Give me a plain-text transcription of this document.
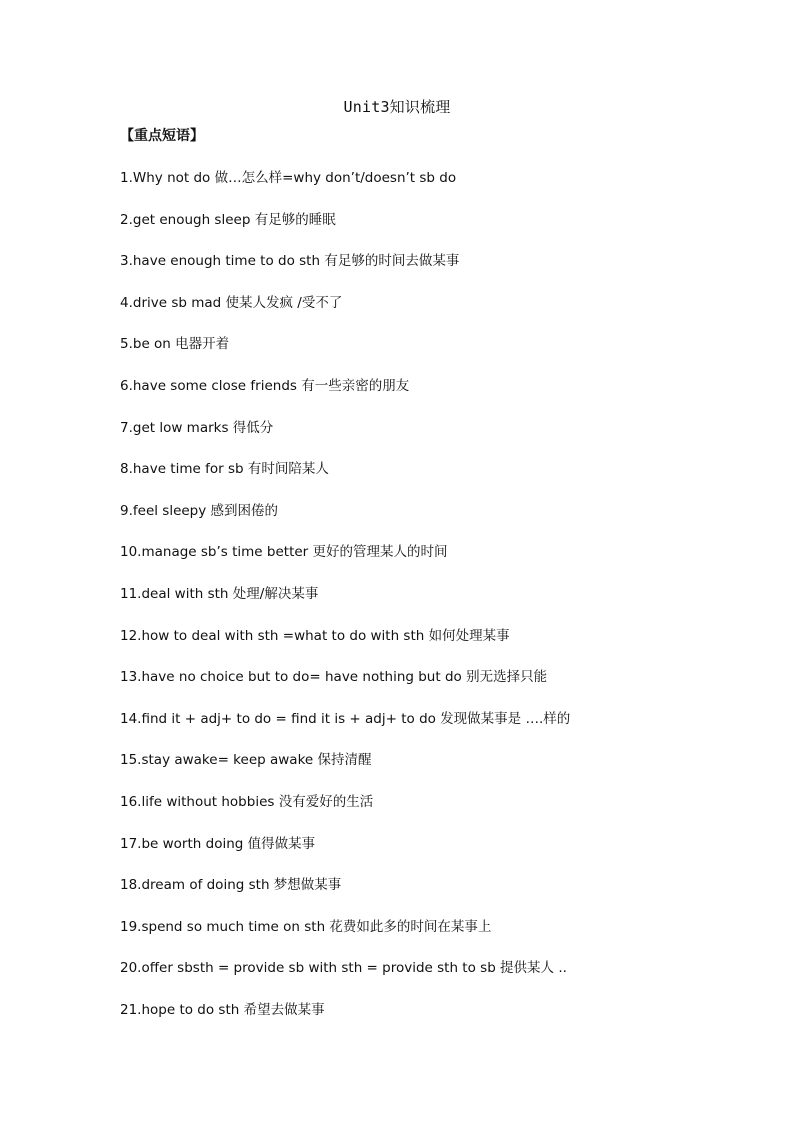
Unit3知识梳理
【重点短语】
1.Why not do 做…怎么样=why don’t/doesn’t sb do
2.get enough sleep 有足够的睡眠
3.have enough time to do sth 有足够的时间去做某事
4.drive sb mad 使某人发疯 /受不了
5.be on 电器开着
6.have some close friends 有一些亲密的朋友
7.get low marks 得低分
8.have time for sb 有时间陪某人
9.feel sleepy 感到困倦的
10.manage sb’s time better 更好的管理某人的时间
11.deal with sth 处理/解决某事
12.how to deal with sth =what to do with sth 如何处理某事
13.have no choice but to do= have nothing but do 别无选择只能
14.find it + adj+ to do = find it is + adj+ to do 发现做某事是 ….样的
15.stay awake= keep awake 保持清醒
16.life without hobbies 没有爱好的生活
17.be worth doing 值得做某事
18.dream of doing sth 梦想做某事
19.spend so much time on sth 花费如此多的时间在某事上
20.offer sbsth = provide sb with sth = provide sth to sb 提供某人 ..
21.hope to do sth 希望去做某事
